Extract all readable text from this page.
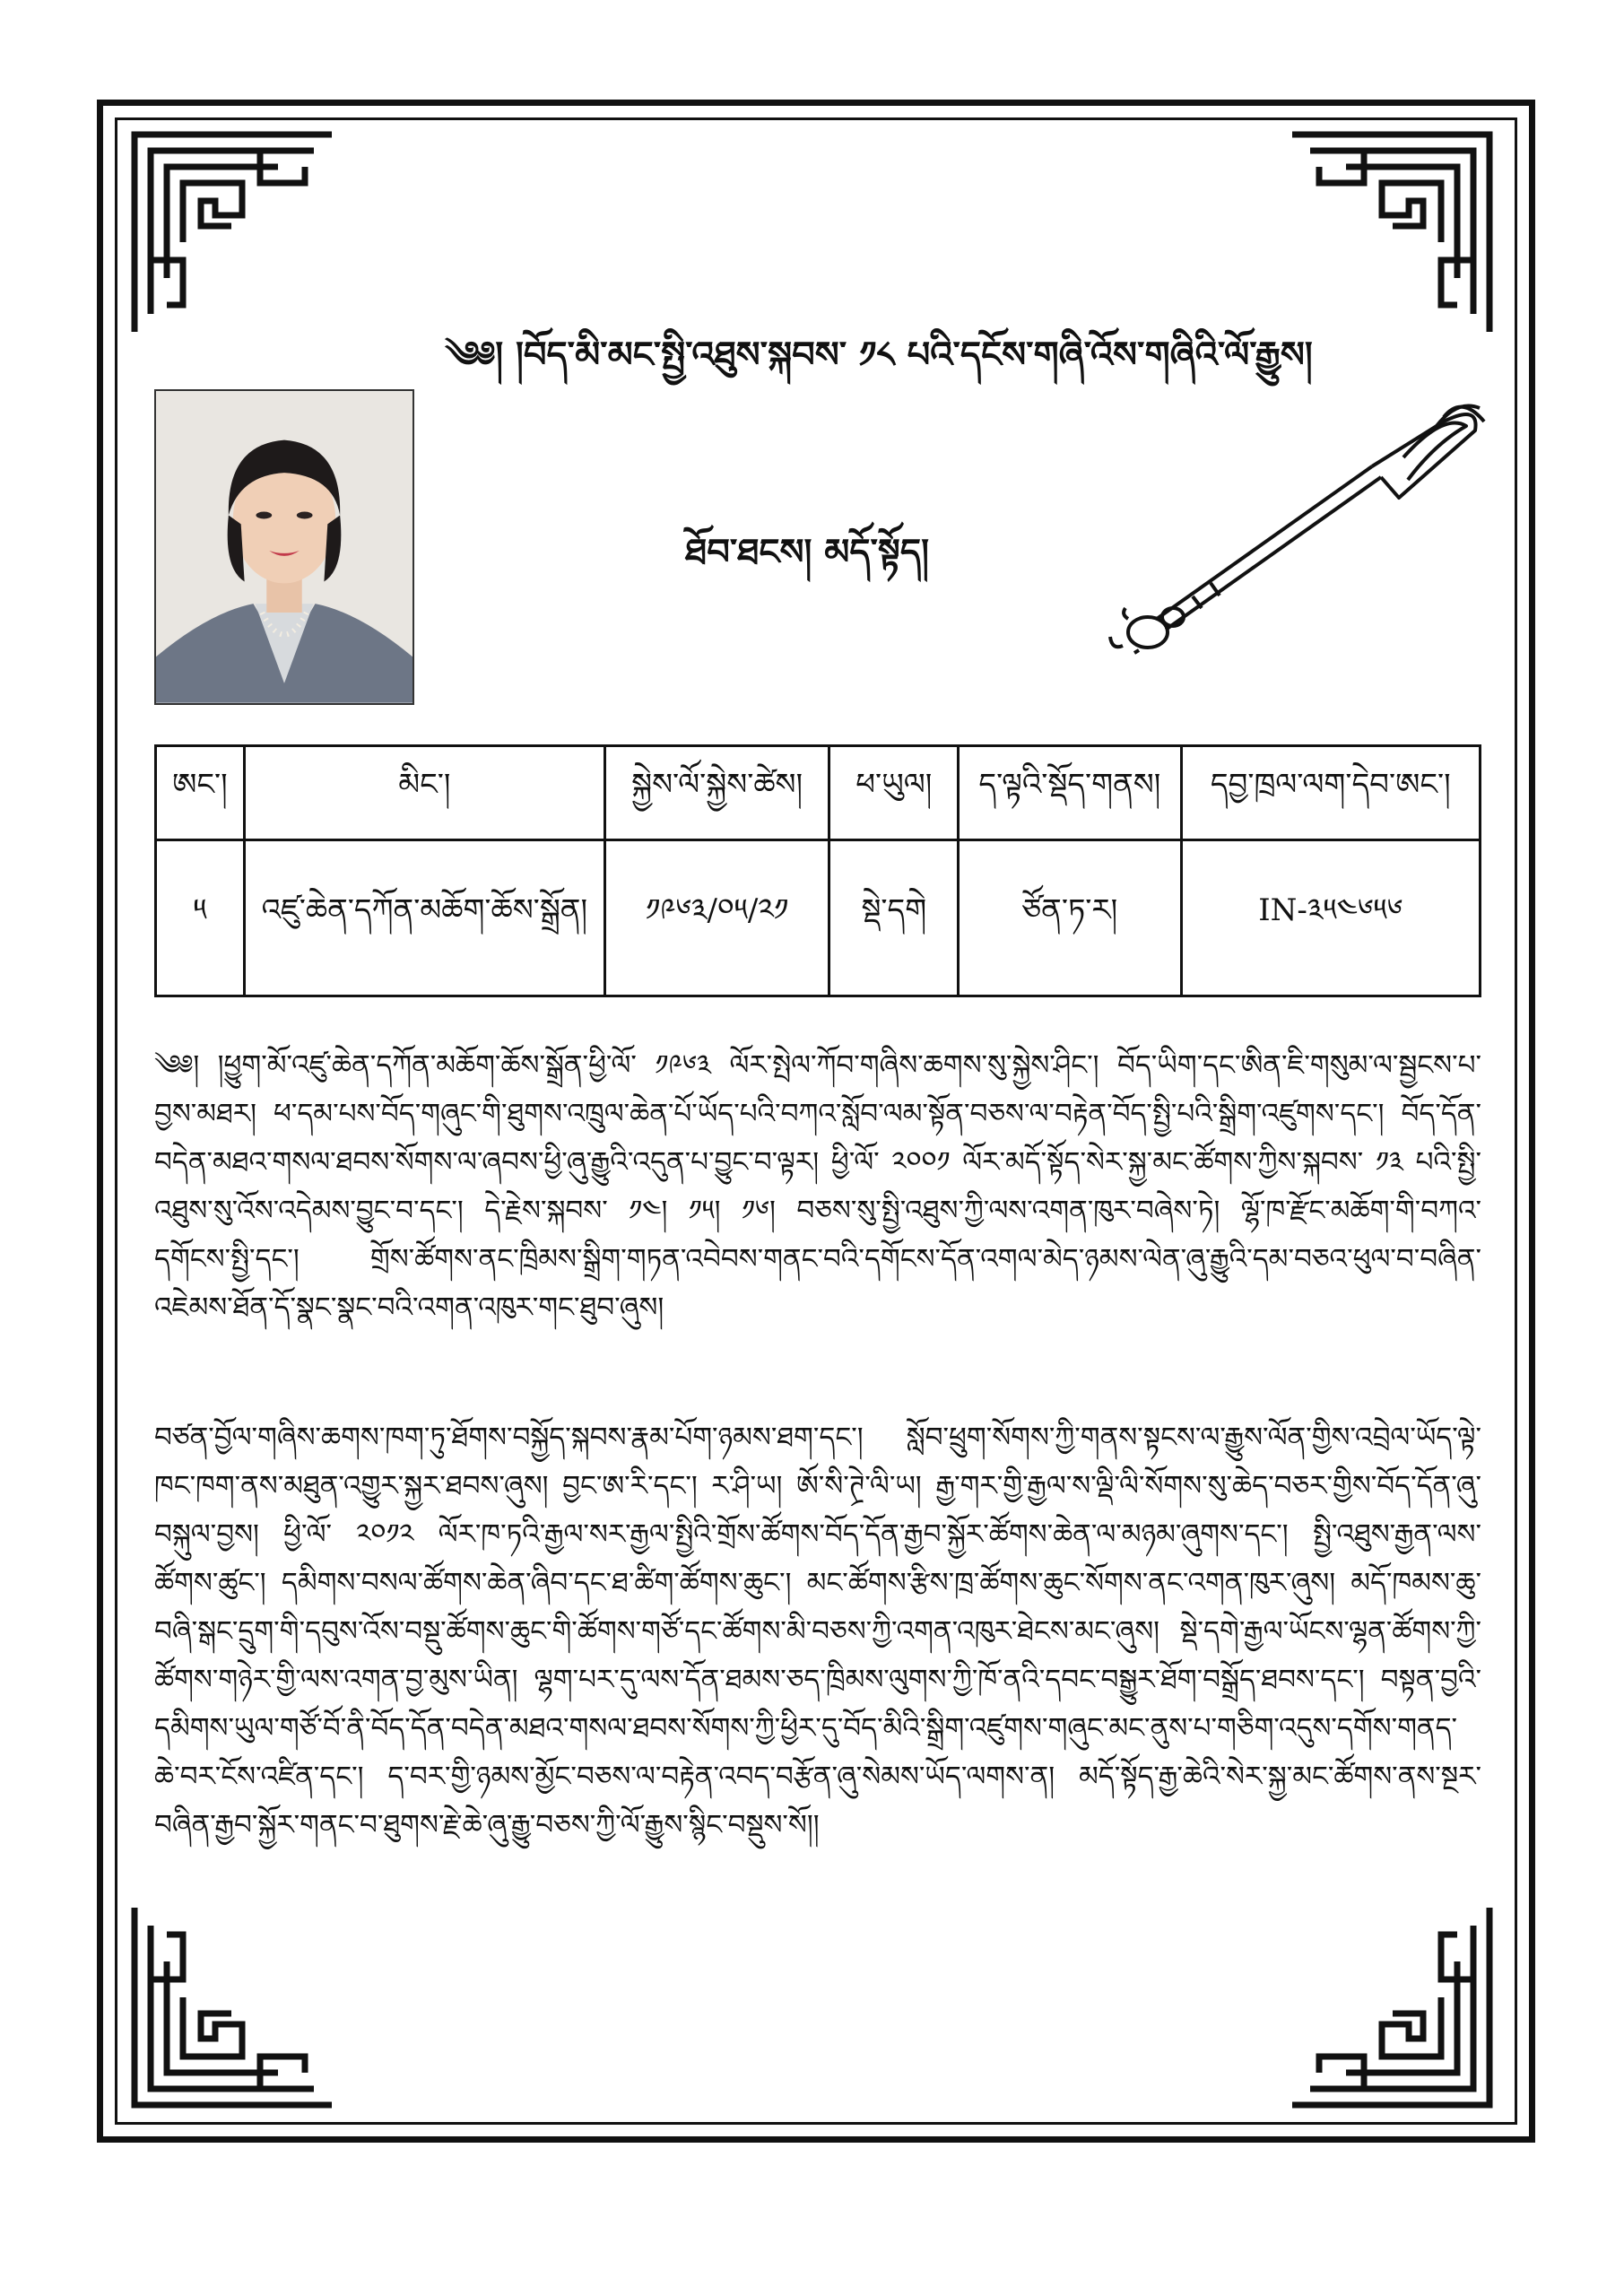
༄༅། །བོད་མི་མང་སྤྱི་འཐུས་སྐབས་ ༡༨ པའི་དངོས་གཞི་འོས་གཞིའི་ལོ་རྒྱུས།
ཐོབ་ཐངས། མདོ་སྟོད།
ཨང་།	མིང་།	སྐྱེས་ལོ་སྐྱེས་ཚེས།	ཕ་ཡུལ།	ད་ལྟའི་སྡོད་གནས།	དབྱ་ཁྲལ་ལག་དེབ་ཨང་།
༥	འཛུ་ཆེན་དཀོན་མཆོག་ཆོས་སྒྲོན།	༡༩༦༣/༠༥/༢༡	སྡེ་དགེ	ཙོན་ཏ་ར།	IN-༣༥༤༦༥༦

༄༅། །ཕྱུག་མོ་འཛུ་ཆེན་དཀོན་མཆོག་ཆོས་སྒྲོན་ཕྱི་ལོ་ ༡༩༦༣ ལོར་སྤེལ་ཀོབ་གཞིས་ཆགས་སུ་སྐྱེས་ཤིང་། བོད་ཡིག་དང་ཨིན་ཇི་གསུམ་ལ་སྦྱངས་པ་བྱས་མཐར། ཕ་དམ་པས་བོད་གཞུང་གི་ཐུགས་འཁྲུལ་ཆེན་པོ་ཡོད་པའི་བཀའ་སློབ་ལམ་སྟོན་བཅས་ལ་བརྟེན་བོད་སྤྱི་པའི་སྒྲིག་འཛུགས་དང་། བོད་དོན་བདེན་མཐའ་གསལ་ཐབས་སོགས་ལ་ཞབས་ཕྱི་ཞུ་རྒྱུའི་འདུན་པ་བྱུང་བ་ལྟར། ཕྱི་ལོ་ ༢༠༠༡ ལོར་མདོ་སྟོད་སེར་སྐྱ་མང་ཚོགས་ཀྱིས་སྐབས་ ༡༣ པའི་སྤྱི་འཐུས་སུ་འོས་འདེམས་བྱུང་བ་དང་། དེ་རྗེས་སྐབས་ ༡༤། ༡༥། ༡༦། བཅས་སུ་སྤྱི་འཐུས་ཀྱི་ལས་འགན་ཁུར་བཞེས་ཏེ། ལྷོ་ཁ་རྫོང་མཆོག་གི་བཀའ་དགོངས་སྤྱི་དང་། གྲོས་ཚོགས་ནང་ཁྲིམས་སྒྲིག་གཏན་འབེབས་གནང་བའི་དགོངས་དོན་འགལ་མེད་ཉམས་ལེན་ཞུ་རྒྱུའི་དམ་བཅའ་ཕུལ་བ་བཞིན་འཇེམས་ཐོན་དོ་སྣང་སྣང་བའི་འགན་འཁུར་གང་ཐུབ་ཞུས།

བཙན་བྱོལ་གཞིས་ཆགས་ཁག་ཏུ་ཐོགས་བསྐྱོད་སྐབས་རྣམ་པོག་ཉམས་ཐག་དང་། སློབ་ཕྲུག་སོགས་ཀྱི་གནས་སྟངས་ལ་རྒྱུས་ལོན་གྱིས་འབྲེལ་ཡོད་ལྟེ་ཁང་ཁག་ནས་མཐུན་འགྱུར་སྐྱར་ཐབས་ཞུས། བྱང་ཨ་རི་དང་། ར་ཤི་ཡ། ཨོ་སི་ཊྲེ་ལི་ཡ། རྒྱ་གར་གྱི་རྒྱལ་ས་ལྡི་ལི་སོགས་སུ་ཆེད་བཅར་གྱིས་བོད་དོན་ཞུ་བསྐུལ་བྱས། ཕྱི་ལོ་ ༢༠༡༢ ལོར་ཁ་ཏའི་རྒྱལ་སར་རྒྱལ་སྤྱིའི་གྲོས་ཚོགས་བོད་དོན་རྒྱབ་སྐྱོར་ཚོགས་ཆེན་ལ་མཉམ་ཞུགས་དང་། སྤྱི་འཐུས་རྒྱན་ལས་ཚོགས་ཚུང་། དམིགས་བསལ་ཚོགས་ཆེན་ཞིབ་དང་ཐ་ཚིག་ཚོགས་ཆུང་། མང་ཚོགས་རྩིས་ཁྲ་ཚོགས་ཆུང་སོགས་ནང་འགན་ཁུར་ཞུས། མདོ་ཁམས་ཆུ་བཞི་སྒང་དྲུག་གི་དབུས་འོས་བསྡུ་ཚོགས་ཆུང་གི་ཚོགས་གཙོ་དང་ཚོགས་མི་བཅས་ཀྱི་འགན་འཁུར་ཐེངས་མང་ཞུས། སྡེ་དགེ་རྒྱལ་ཡོངས་ལྷན་ཚོགས་ཀྱི་ཚོགས་གཉེར་གྱི་ལས་འགན་བྱ་མུས་ཡིན། ལྷག་པར་དུ་ལས་དོན་ཐམས་ཅད་ཁྲིམས་ལུགས་ཀྱི་ཁོ་ནའི་དབང་བསྒྱུར་ཐོག་བསྒྲོད་ཐབས་དང་། བསྟན་བྱའི་དམིགས་ཡུལ་གཙོ་བོ་ནི་བོད་དོན་བདེན་མཐའ་གསལ་ཐབས་སོགས་ཀྱི་ཕྱིར་དུ་བོད་མིའི་སྒྲིག་འཛུགས་གཞུང་མང་ནུས་པ་གཅིག་འདུས་དགོས་གནད་ཆེ་བར་ངོས་འཛིན་དང་། ད་བར་གྱི་ཉམས་མྱོང་བཅས་ལ་བརྟེན་འབད་བརྩོན་ཞུ་སེམས་ཡོད་ལགས་ན། མདོ་སྟོད་རྒྱ་ཆེའི་སེར་སྐྱ་མང་ཚོགས་ནས་སྔར་བཞིན་རྒྱབ་སྐྱོར་གནང་བ་ཐུགས་རྗེ་ཆེ་ཞུ་རྒྱུ་བཅས་ཀྱི་ལོ་རྒྱུས་སྙིང་བསྡུས་སོ།།
